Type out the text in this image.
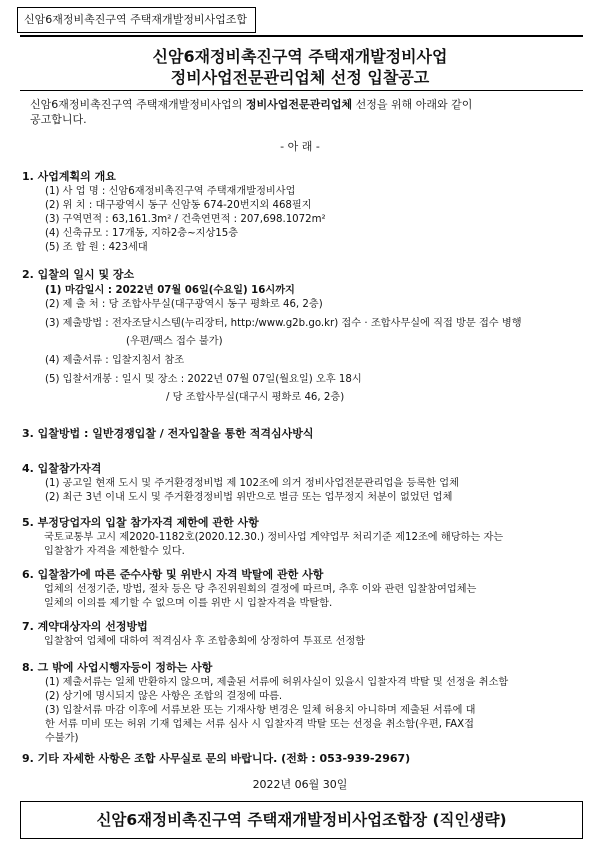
신암6재정비촉진구역 주택재개발정비사업조합
신암6재정비촉진구역 주택재개발정비사업
정비사업전문관리업체 선정 입찰공고
신암6재정비촉진구역 주택재개발정비사업의 정비사업전문관리업체 선정을 위해 아래와 같이
공고합니다.
- 아 래 -
1. 사업계획의 개요
(1) 사 업 명 : 신암6재정비촉진구역 주택재개발정비사업
(2) 위 치 : 대구광역시 동구 신암동 674-20번지외 468필지
(3) 구역면적 : 63,161.3m² / 건축연면적 : 207,698.1072m²
(4) 신축규모 : 17개동, 지하2층~지상15층
(5) 조 합 원 : 423세대
2. 입찰의 일시 및 장소
(1) 마감일시 : 2022년 07월 06일(수요일) 16시까지
(2) 제 출 처 : 당 조합사무실(대구광역시 동구 평화로 46, 2층)
(3) 제출방법 : 전자조달시스템(누리장터, http:/www.g2b.go.kr) 접수 · 조합사무실에 직접 방문 접수 병행
(우편/팩스 접수 불가)
(4) 제출서류 : 입찰지침서 참조
(5) 입찰서개봉 : 일시 및 장소 : 2022년 07월 07일(월요일) 오후 18시
/ 당 조합사무실(대구시 평화로 46, 2층)
3. 입찰방법 : 일반경쟁입찰 / 전자입찰을 통한 적격심사방식
4. 입찰참가자격
(1) 공고일 현재 도시 및 주거환경정비법 제 102조에 의거 정비사업전문관리업을 등록한 업체
(2) 최근 3년 이내 도시 및 주거환경정비법 위반으로 벌금 또는 업무정지 처분이 없었던 업체
5. 부정당업자의 입찰 참가자격 제한에 관한 사항
국토교통부 고시 제2020-1182호(2020.12.30.) 정비사업 계약업무 처리기준 제12조에 해당하는 자는
입찰참가 자격을 제한할수 있다.
6. 입찰참가에 따른 준수사항 및 위반시 자격 박탈에 관한 사항
업체의 선정기준, 방법, 절차 등은 당 추진위원회의 결정에 따르며, 추후 이와 관련 입찰참여업체는
일체의 이의를 제기할 수 없으며 이를 위반 시 입찰자격을 박탈함.
7. 계약대상자의 선정방법
입찰참여 업체에 대하여 적격심사 후 조합총회에 상정하여 투표로 선정함
8. 그 밖에 사업시행자등이 정하는 사항
(1) 제출서류는 일체 반환하지 않으며, 제출된 서류에 허위사실이 있을시 입찰자격 박탈 및 선정을 취소함
(2) 상기에 명시되지 않은 사항은 조합의 결정에 따름.
(3) 입찰서류 마감 이후에 서류보완 또는 기재사항 변경은 일체 허용치 아니하며 제출된 서류에 대
한 서류 미비 또는 허위 기재 업체는 서류 심사 시 입찰자격 박탈 또는 선정을 취소함(우편, FAX접
수불가)
9. 기타 자세한 사항은 조합 사무실로 문의 바랍니다. (전화 : 053-939-2967)
2022년 06월 30일
신암6재정비촉진구역 주택재개발정비사업조합장 (직인생략)
